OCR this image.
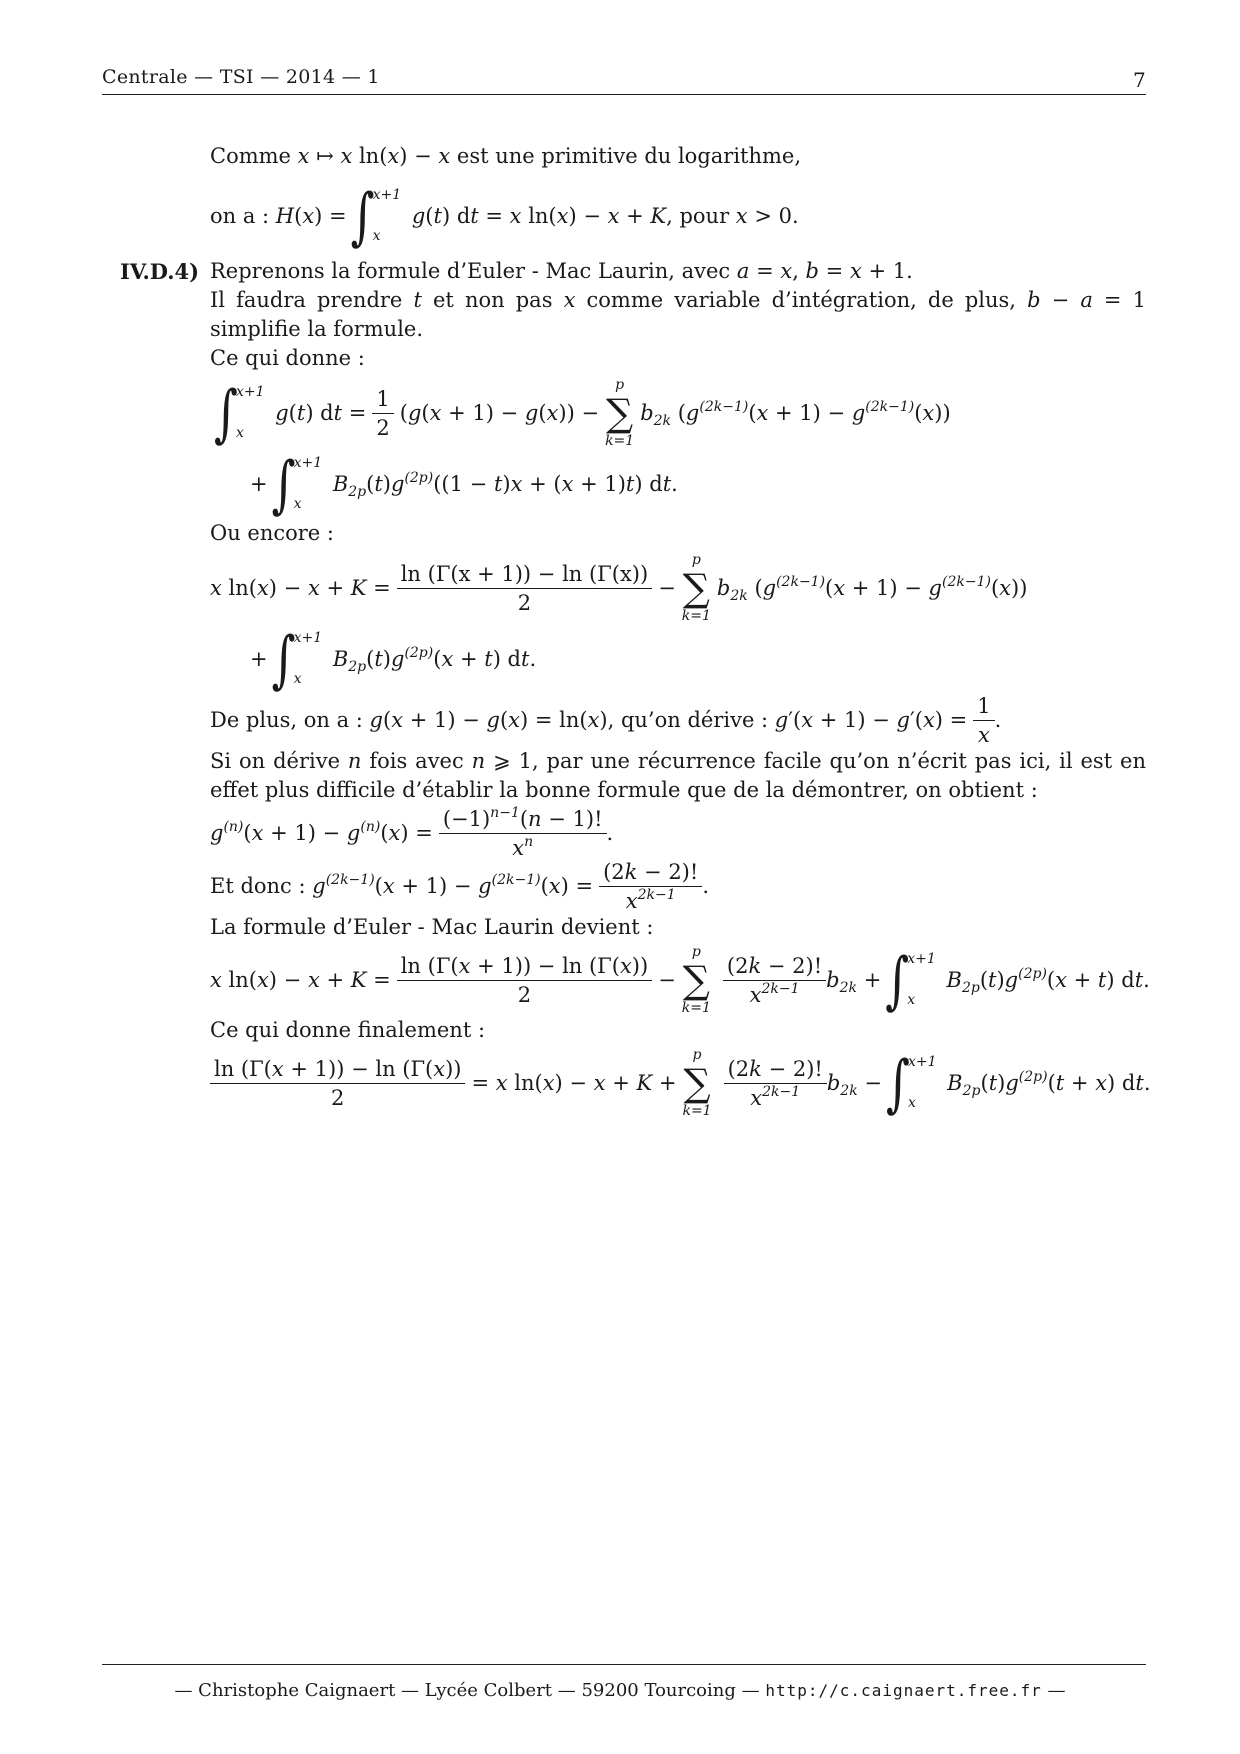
Centrale — TSI — 2014 — 1	7
Comme x ↦ x ln(x) − x est une primitive du logarithme,
on a : H(x) = ∫
x+1
x
g(t) dt = x ln(x) − x + K, pour x > 0.
IV.D.4) Reprenons la formule d’Euler - Mac Laurin, avec a = x, b = x + 1.
Il faudra prendre t et non pas x comme variable d’intégration, de plus, b − a = 1 simplifie la formule.
Ce qui donne :
∫
x+1
x
g(t) dt = $\frac{1}{2} (g(x + 1) - g(x))$ −
p
∑
k=1
$b_{2k}$ $(g^{(2k-1)}(x + 1) - g^{(2k-1)}(x))$
+ ∫
x+1
x
$B_{2p}(t)g^{(2p)}((1 - t)x + (x + 1)t)$ dt.
Ou encore :
x $\ln(x) - x + K = \frac{\ln (\Gamma(x + 1)) - \ln (\Gamma(x))}{2}$ −
p
∑
k=1
$b_{2k}$ $(g^{(2k-1)}(x + 1) - g^{(2k-1)}(x))$
+ ∫
x+1
x
$B_{2p}(t)g^{(2p)}(x + t)$ dt.
De plus, on a : g(x + 1) − g(x) = ln(x), qu’on dérive : $g'(x + 1) - g'(x) = \frac{1}{x}$ .
Si on dérive n fois avec n ⩾ 1, par une récurrence facile qu’on n’écrit pas ici, il est en effet plus difficile d’établir la bonne formule que de la démontrer, on obtient :
$g^{(n)}(x + 1) - g^{(n)}(x) = \frac{(-1)^{n-1}(n - 1)!}{x^n}$ .
Et donc : $g^{(2k-1)}(x + 1) - g^{(2k-1)}(x) = \frac{(2k - 2)!}{x^{2k-1}}$ .
La formule d’Euler - Mac Laurin devient :
x $\ln(x) - x + K = \frac{\ln (\Gamma(x + 1)) - \ln (\Gamma(x))}{2}$ −
p
∑
k=1
$\frac{(2k - 2)!}{x^{2k-1}} b_{2k}$ + ∫
x+1
x
$B_{2p}(t)g^{(2p)}(x + t)$ dt.
Ce qui donne finalement :
$\frac{\ln (\Gamma(x + 1)) - \ln (\Gamma(x))}{2} = x$ ln(x) − x + K +
p
∑
k=1
$\frac{(2k - 2)!}{x^{2k-1}} b_{2k}$ − ∫
x+1
x
$B_{2p}(t)g^{(2p)}(t + x)$ dt.
— Christophe Caignaert — Lycée Colbert — 59200 Tourcoing — http://c.caignaert.free.fr —
